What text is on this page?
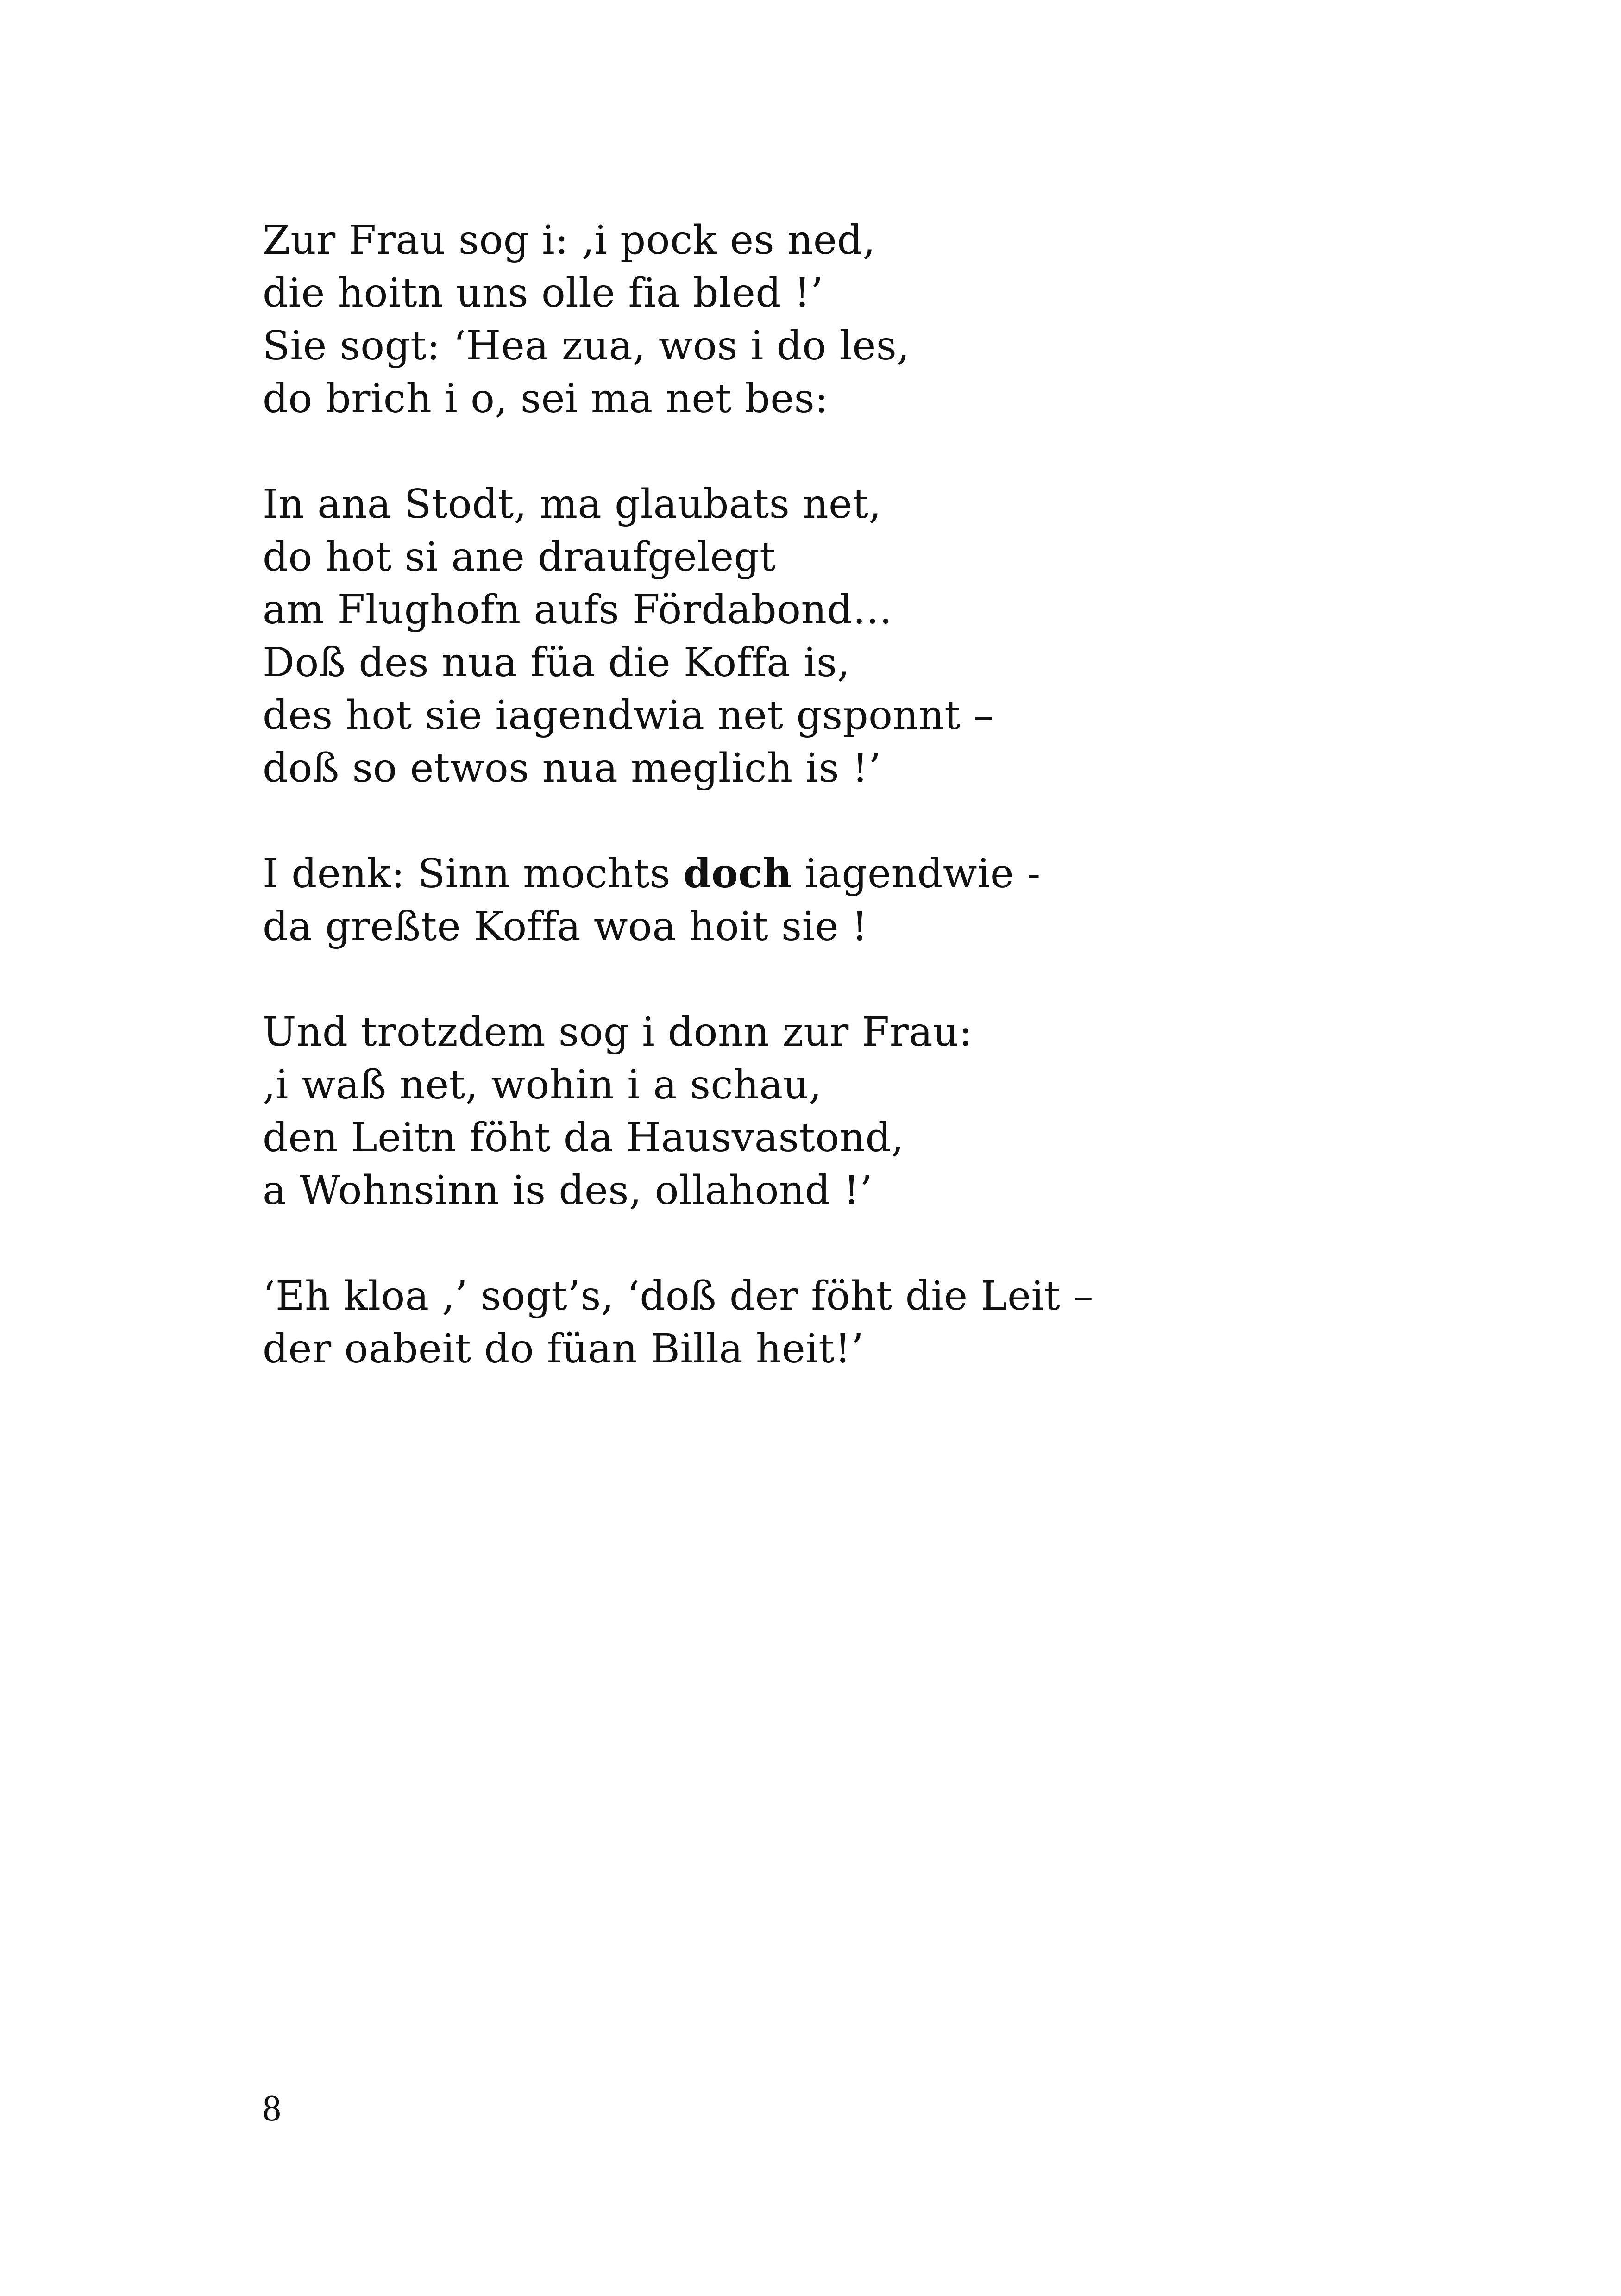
Zur Frau sog i: ‚i pock es ned,
die hoitn uns olle fia bled !’
Sie sogt: ‘Hea zua, wos i do les,
do brich i o, sei ma net bes:
In ana Stodt, ma glaubats net,
do hot si ane draufgelegt
am Flughofn aufs Fördabond…
Doß des nua füa die Koffa is,
des hot sie iagendwia net gsponnt –
doß so etwos nua meglich is !’
I denk: Sinn mochts doch iagendwie -
da greßte Koffa woa hoit sie !
Und trotzdem sog i donn zur Frau:
‚i waß net, wohin i a schau,
den Leitn föht da Hausvastond,
a Wohnsinn is des, ollahond !’
‘Eh kloa ,’ sogt’s, ‘doß der föht die Leit –
der oabeit do füan Billa heit!’
8
